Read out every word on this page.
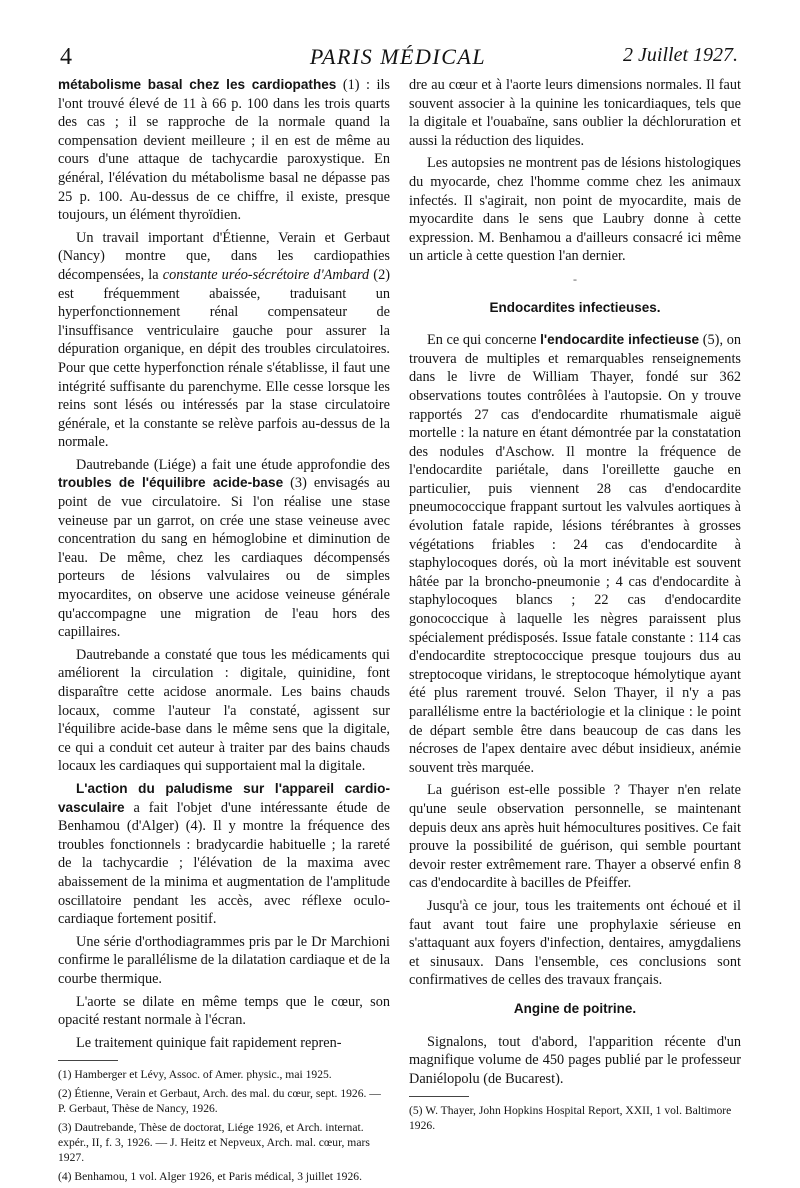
4	PARIS MÉDICAL	2 Juillet 1927.

métabolisme basal chez les cardiopathes (1) : ils l'ont trouvé élevé de 11 à 66 p. 100 dans les trois quarts des cas ; il se rapproche de la normale quand la compensation devient meilleure ; il en est de même au cours d'une attaque de tachycardie paroxystique. En général, l'élévation du métabolisme basal ne dépasse pas 25 p. 100. Au-dessus de ce chiffre, il existe, presque toujours, un élément thyroïdien.

Un travail important d'Étienne, Verain et Gerbaut (Nancy) montre que, dans les cardiopathies décompensées, la constante uréo-sécrétoire d'Ambard (2) est fréquemment abaissée, traduisant un hyperfonctionnement rénal compensateur de l'insuffisance ventriculaire gauche pour assurer la dépuration organique, en dépit des troubles circulatoires. Pour que cette hyperfonction rénale s'établisse, il faut une intégrité suffisante du parenchyme. Elle cesse lorsque les reins sont lésés ou intéressés par la stase circulatoire générale, et la constante se relève parfois au-dessus de la normale.

Dautrebande (Liége) a fait une étude approfondie des troubles de l'équilibre acide-base (3) envisagés au point de vue circulatoire. Si l'on réalise une stase veineuse par un garrot, on crée une stase veineuse avec concentration du sang en hémoglobine et diminution de l'eau. De même, chez les cardiaques décompensés porteurs de lésions valvulaires ou de simples myocardites, on observe une acidose veineuse générale qu'accompagne une migration de l'eau hors des capillaires.

Dautrebande a constaté que tous les médicaments qui améliorent la circulation : digitale, quinidine, font disparaître cette acidose anormale. Les bains chauds locaux, comme l'auteur l'a constaté, agissent sur l'équilibre acide-base dans le même sens que la digitale, ce qui a conduit cet auteur à traiter par des bains chauds locaux les cardiaques qui supportaient mal la digitale.

L'action du paludisme sur l'appareil cardio-vasculaire a fait l'objet d'une intéressante étude de Benhamou (d'Alger) (4). Il y montre la fréquence des troubles fonctionnels : bradycardie habituelle ; la rareté de la tachycardie ; l'élévation de la maxima avec abaissement de la minima et augmentation de l'amplitude oscillatoire pendant les accès, avec réflexe oculo-cardiaque fortement positif.

Une série d'orthodiagrammes pris par le Dr Marchioni confirme le parallélisme de la dilatation cardiaque et de la courbe thermique.

L'aorte se dilate en même temps que le cœur, son opacité restant normale à l'écran.

Le traitement quinique fait rapidement repren-

(1) Hamberger et Lévy, Assoc. of Amer. physic., mai 1925.

(2) Étienne, Verain et Gerbaut, Arch. des mal. du cœur, sept. 1926. — P. Gerbaut, Thèse de Nancy, 1926.

(3) Dautrebande, Thèse de doctorat, Liége 1926, et Arch. internat. expér., II, f. 3, 1926. — J. Heitz et Nepveux, Arch. mal. cœur, mars 1927.

(4) Benhamou, 1 vol. Alger 1926, et Paris médical, 3 juillet 1926.

dre au cœur et à l'aorte leurs dimensions normales. Il faut souvent associer à la quinine les tonicardiaques, tels que la digitale et l'ouabaïne, sans oublier la déchloruration et aussi la réduction des liquides.

Les autopsies ne montrent pas de lésions histologiques du myocarde, chez l'homme comme chez les animaux infectés. Il s'agirait, non point de myocardite, mais de myocardite dans le sens que Laubry donne à cette expression. M. Benhamou a d'ailleurs consacré ici même un article à cette question l'an dernier.

-

Endocardites infectieuses.

En ce qui concerne l'endocardite infectieuse (5), on trouvera de multiples et remarquables renseignements dans le livre de William Thayer, fondé sur 362 observations toutes contrôlées à l'autopsie. On y trouve rapportés 27 cas d'endocardite rhumatismale aiguë mortelle : la nature en étant démontrée par la constatation des nodules d'Aschow. Il montre la fréquence de l'endocardite pariétale, dans l'oreillette gauche en particulier, puis viennent 28 cas d'endocardite pneumococcique frappant surtout les valvules aortiques à évolution fatale rapide, lésions térébrantes à grosses végétations friables : 24 cas d'endocardite à staphylocoques dorés, où la mort inévitable est souvent hâtée par la broncho-pneumonie ; 4 cas d'endocardite à staphylocoques blancs ; 22 cas d'endocardite gonococcique à laquelle les nègres paraissent plus spécialement prédisposés. Issue fatale constante : 114 cas d'endocardite streptococcique presque toujours dus au streptocoque viridans, le streptocoque hémolytique ayant été plus rarement trouvé. Selon Thayer, il n'y a pas parallélisme entre la bactériologie et la clinique : le point de départ semble être dans beaucoup de cas dans les nécroses de l'apex dentaire avec début insidieux, anémie souvent très marquée.

La guérison est-elle possible ? Thayer n'en relate qu'une seule observation personnelle, se maintenant depuis deux ans après huit hémocultures positives. Ce fait prouve la possibilité de guérison, qui semble pourtant devoir rester extrêmement rare. Thayer a observé enfin 8 cas d'endocardite à bacilles de Pfeiffer.

Jusqu'à ce jour, tous les traitements ont échoué et il faut avant tout faire une prophylaxie sérieuse en s'attaquant aux foyers d'infection, dentaires, amygdaliens et sinusaux. Dans l'ensemble, ces conclusions sont confirmatives de celles des travaux français.

Angine de poitrine.

Signalons, tout d'abord, l'apparition récente d'un magnifique volume de 450 pages publié par le professeur Daniélopolu (de Bucarest).

(5) W. Thayer, John Hopkins Hospital Report, XXII, 1 vol. Baltimore 1926.
